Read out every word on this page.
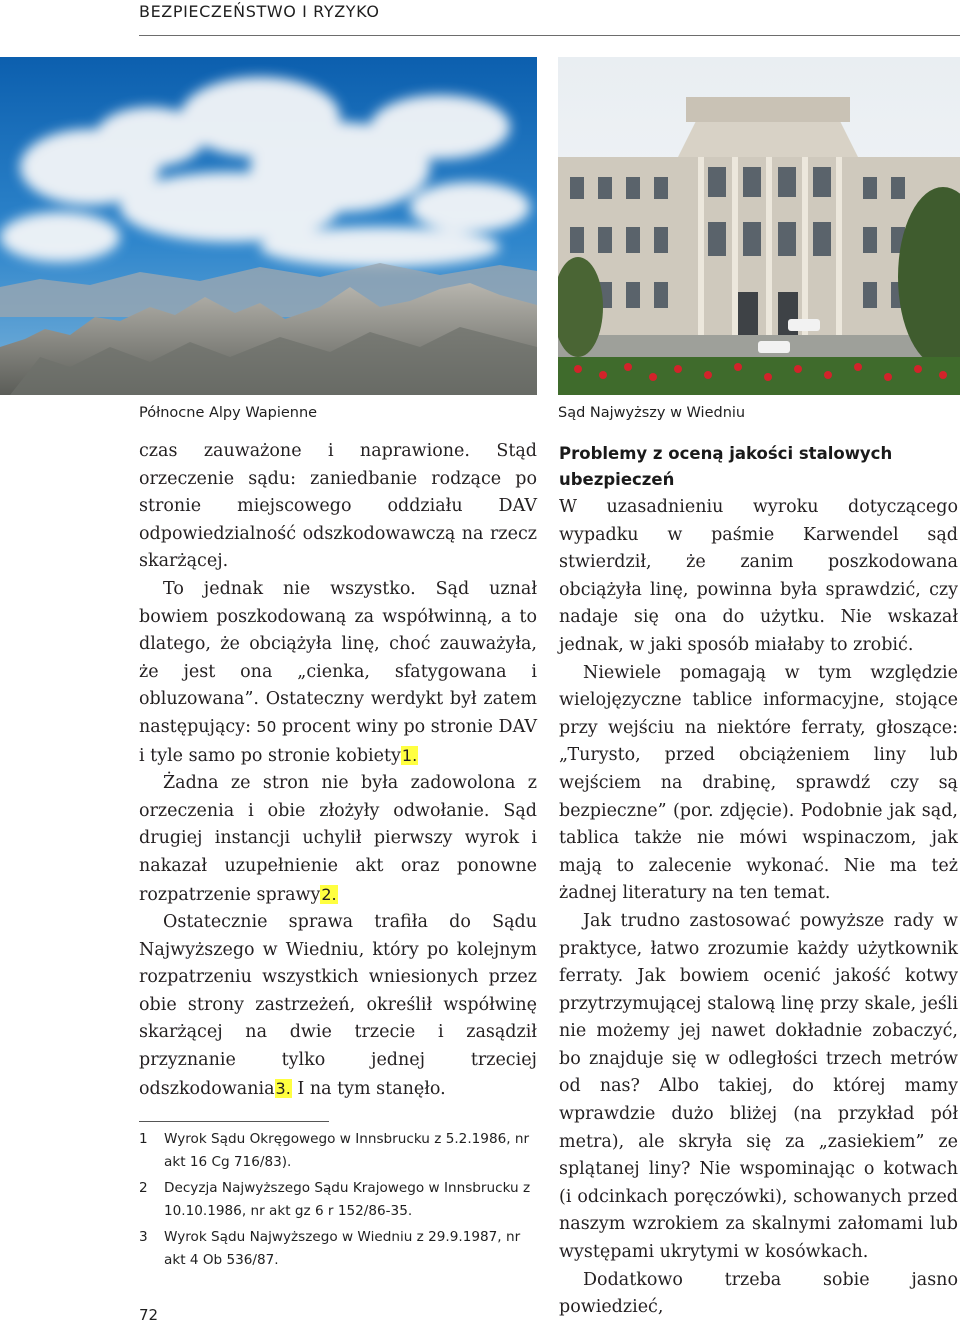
BEZPIECZEŃSTWO I RYZYKO
Północne Alpy Wapienne	Sąd Najwyższy w Wiedniu

czas zauważone i naprawione. Stąd orzeczenie sądu: zaniedbanie rodzące po stronie miejscowego oddziału DAV odpowiedzialność odszkodowawczą na rzecz skarżącej.

To jednak nie wszystko. Sąd uznał bowiem poszkodowaną za współwinną, a to dlatego, że obciążyła linę, choć zauważyła, że jest ona „cienka, sfatygowana i obluzowana”. Ostateczny werdykt był zatem następujący: 50 procent winy po stronie DAV i tyle samo po stronie kobiety1.

Żadna ze stron nie była zadowolona z orzeczenia i obie złożyły odwołanie. Sąd drugiej instancji uchylił pierwszy wyrok i nakazał uzupełnienie akt oraz ponowne rozpatrzenie sprawy2.

Ostatecznie sprawa trafiła do Sądu Najwyższego w Wiedniu, który po kolejnym rozpatrzeniu wszystkich wniesionych przez obie strony zastrzeżeń, określił współwinę skarżącej na dwie trzecie i zasądził przyznanie tylko jednej trzeciej odszkodowania3. I na tym stanęło.

1	Wyrok Sądu Okręgowego w Innsbrucku z 5.2.1986, nr akt 16 Cg 716/83).
2	Decyzja Najwyższego Sądu Krajowego w Innsbrucku z 10.10.1986, nr akt gz 6 r 152/86-35.
3	Wyrok Sądu Najwyższego w Wiedniu z 29.9.1987, nr akt 4 Ob 536/87.
Problemy z oceną jakości stalowych ubezpieczeń

W uzasadnieniu wyroku dotyczącego wypadku w paśmie Karwendel sąd stwierdził, że zanim poszkodowana obciążyła linę, powinna była sprawdzić, czy nadaje się ona do użytku. Nie wskazał jednak, w jaki sposób miałaby to zrobić.

Niewiele pomagają w tym względzie wielojęzyczne tablice informacyjne, stojące przy wejściu na niektóre ferraty, głoszące: „Turysto, przed obciążeniem liny lub wejściem na drabinę, sprawdź czy są bezpieczne” (por. zdjęcie). Podobnie jak sąd, tablica także nie mówi wspinaczom, jak mają to zalecenie wykonać. Nie ma też żadnej literatury na ten temat.

Jak trudno zastosować powyższe rady w praktyce, łatwo zrozumie każdy użytkownik ferraty. Jak bowiem ocenić jakość kotwy przytrzymującej stalową linę przy skale, jeśli nie możemy jej nawet dokładnie zobaczyć, bo znajduje się w odległości trzech metrów od nas? Albo takiej, do której mamy wprawdzie dużo bliżej (na przykład pół metra), ale skryła się za „zasiekiem” ze splątanej liny? Nie wspominając o kotwach (i odcinkach poręczówki), schowanych przed naszym wzrokiem za skalnymi załomami lub występami ukrytymi w kosówkach.

Dodatkowo trzeba sobie jasno powiedzieć,

72
